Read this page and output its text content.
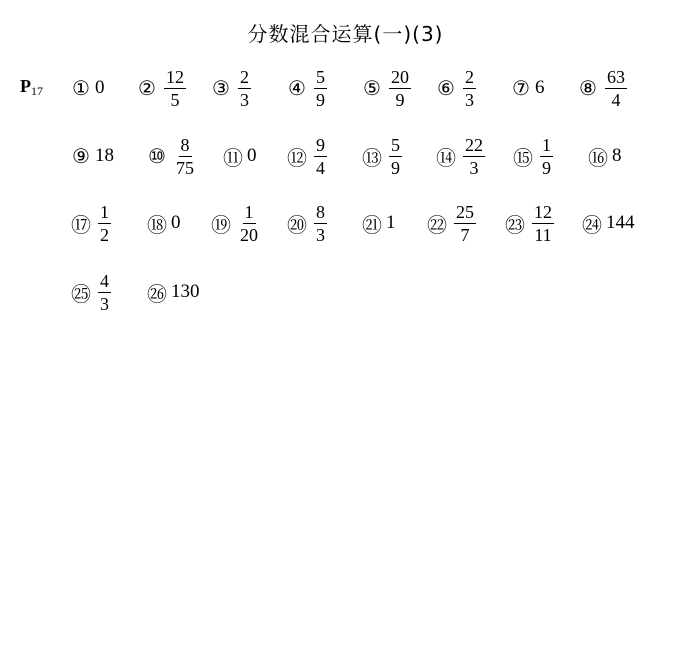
分数混合运算(一)(3)
$P_{17}$ ① 0 ② $\frac{12}{5}$ ③ $\frac{2}{3}$ ④ $\frac{5}{9}$ ⑤ $\frac{20}{9}$ ⑥ $\frac{2}{3}$ ⑦ 6 ⑧ $\frac{63}{4}$
⑨ 18 ⑩ $\frac{8}{75}$ ⑪ 0 ⑫ $\frac{9}{4}$ ⑬ $\frac{5}{9}$ ⑭ $\frac{22}{3}$ ⑮ $\frac{1}{9}$ ⑯ 8
⑰ $\frac{1}{2}$ ⑱ 0 ⑲ $\frac{1}{20}$ ⑳ $\frac{8}{3}$ ㉑ 1 ㉒ $\frac{25}{7}$ ㉓ $\frac{12}{11}$ ㉔ 144
㉕ $\frac{4}{3}$ ㉖ 130
